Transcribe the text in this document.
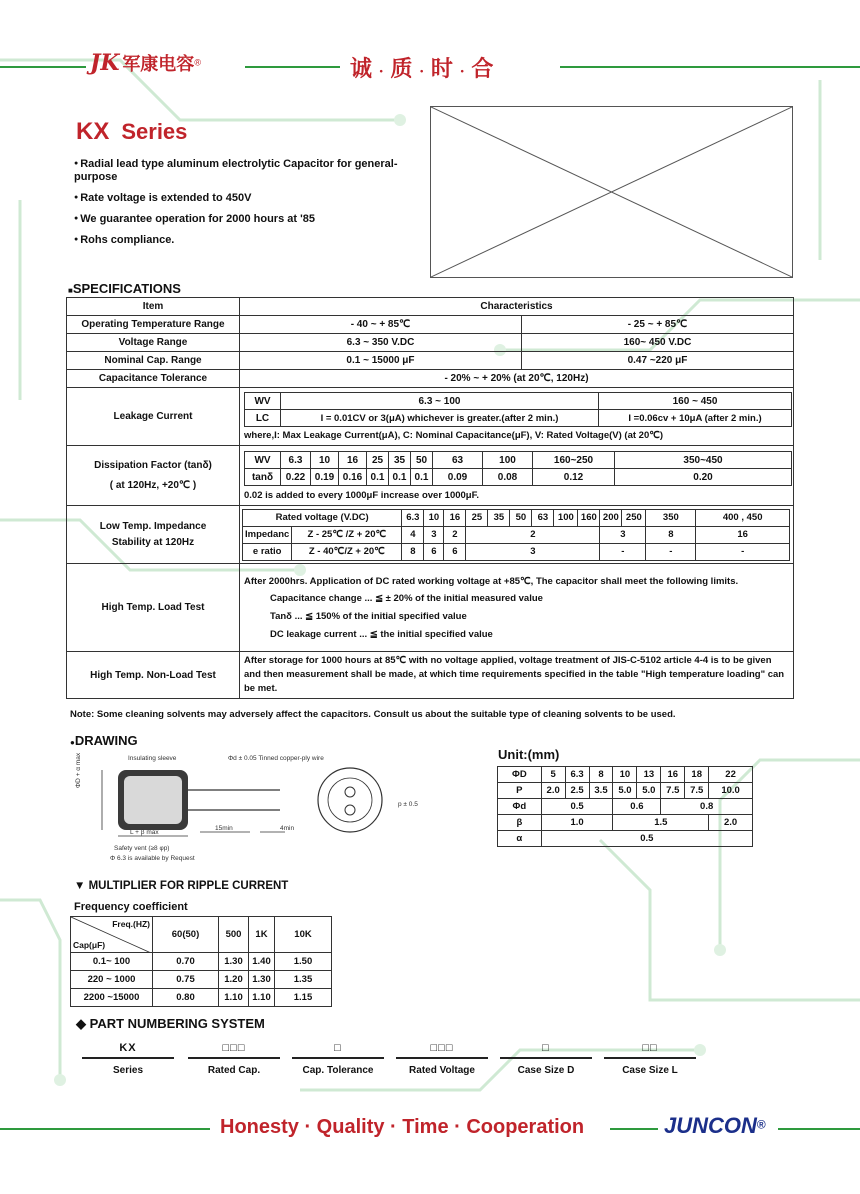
JK 军康电容®	诚 · 质 · 时 · 合
KX Series
● Radial lead type aluminum electrolytic Capacitor for general-purpose
● Rate voltage is extended to 450V
● We guarantee operation for 2000 hours at '85
● Rohs compliance.
■SPECIFICATIONS
Item	Characteristics
Operating Temperature Range	- 40 ~ + 85℃	- 25 ~ + 85℃
Voltage Range	6.3 ~ 350 V.DC	160~ 450 V.DC
Nominal Cap. Range	0.1 ~ 15000 μF	0.47 ~220 μF
Capacitance Tolerance	- 20% ~ + 20% (at 20℃, 120Hz)
Leakage Current	
WV	6.3 ~ 100	160 ~ 450
LC	I = 0.01CV or 3(μA) whichever is greater.(after 2 min.)	I =0.06cv + 10μA (after 2 min.)
where,I: Max Leakage Current(μA), C: Nominal Capacitance(μF), V: Rated Voltage(V) (at 20℃)

Dissipation Factor (tanδ)
( at 120Hz, +20℃ )

WV	6.3	10	16	25	35	50	63	100	160~250	350~450
tanδ	0.22	0.19	0.16	0.1	0.1	0.1	0.09	0.08	0.12	0.20
0.02 is added to every 1000μF increase over 1000μF.

Low Temp. Impedance
Stability at 120Hz

Rated voltage (V.DC)	6.3	10	16	25	35	50	63	100	160	200	250	350	400 , 450
Impedanc	Z - 25℃ /Z + 20℃	4	3	2	2	3	8	16
e ratio	Z - 40℃/Z + 20℃	8	6	6	3	-	-	-

High Temp. Load Test	
After 2000hrs. Application of DC rated working voltage at +85℃, The capacitor shall meet the following limits.
Capacitance change ... ≦ ± 20% of the initial measured value
Tanδ ... ≦ 150% of the initial specified value
DC leakage current ... ≦ the initial specified value

High Temp. Non-Load Test	After storage for 1000 hours at 85℃ with no voltage applied, voltage treatment of JIS-C-5102 article 4-4 is to be given and then measurement shall be made, at which time requirements specified in the table "High temperature loading" can be met.
Note: Some cleaning solvents may adversely affect the capacitors. Consult us about the suitable type of cleaning solvents to be used.
●DRAWING
Insulating sleeve	Φd ± 0.05 Tinned copper-ply wire
L + β max
15min	4min
ΦD + α max
p ± 0.5
Safety vent (≥8 φp)
Φ 6.3 is available by Request
Unit:(mm)
ΦD	5	6.3	8	10	13	16	18	22
P	2.0	2.5	3.5	5.0	5.0	7.5	7.5	10.0
Φd	0.5			0.6		0.8		
β	1.0			1.5				2.0
α	0.5							
▼ MULTIPLIER FOR RIPPLE CURRENT
Frequency coefficient
Freq.(HZ)
Cap(μF)	60(50)	500	1K	10K
0.1~ 100	0.70	1.30	1.40	1.50
220 ~ 1000	0.75	1.20	1.30	1.35
2200 ~15000	0.80	1.10	1.10	1.15
◆ PART NUMBERING SYSTEM
KX	□□□	□	□□□	□	□□
Series	Rated Cap.	Cap. Tolerance	Rated Voltage	Case Size D	Case Size L
Honesty · Quality · Time · Cooperation	JUNCON®
